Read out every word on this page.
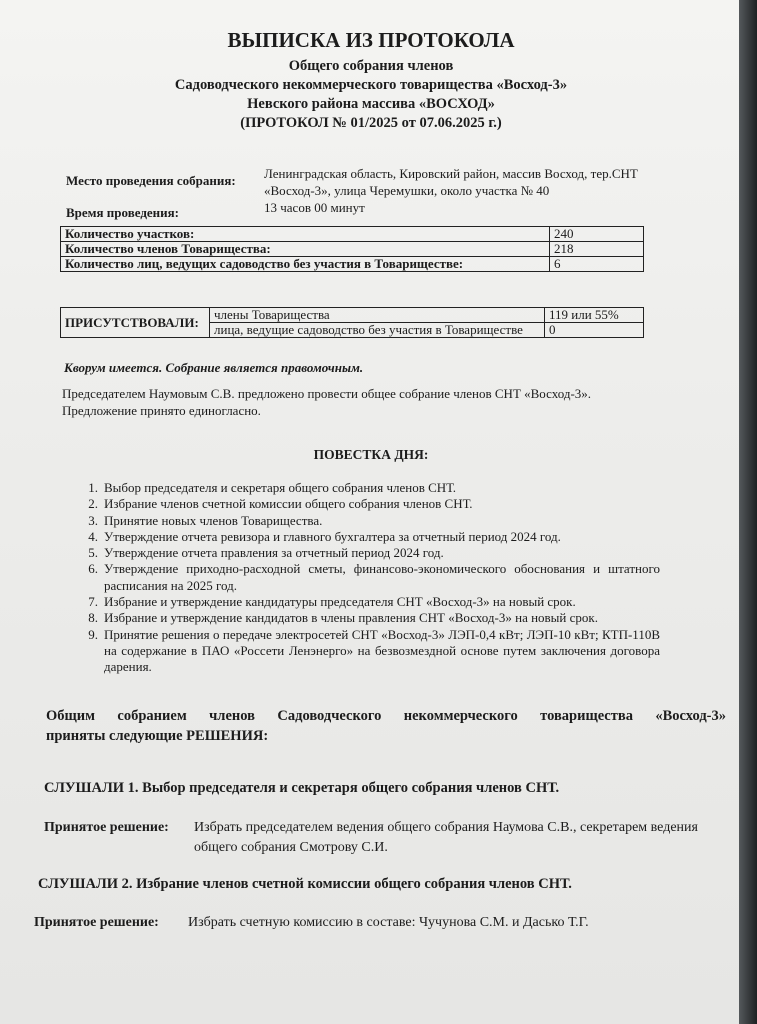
ВЫПИСКА ИЗ ПРОТОКОЛА
Общего собрания членов
Садоводческого некоммерческого товарищества «Восход-3»
Невского района массива «ВОСХОД»
(ПРОТОКОЛ № 01/2025 от 07.06.2025 г.)
Место проведения собрания: Ленинградская область, Кировский район, массив Восход, тер.СНТ
«Восход-3», улица Черемушки, около участка № 40
Время проведения:	13 часов 00 минут
Количество участков:	240
Количество членов Товарищества:	218
Количество лиц, ведущих садоводство без участия в Товариществе:	6
ПРИСУТСТВОВАЛИ:	члены Товарищества	119 или 55%
	лица, ведущие садоводство без участия в Товариществе	0
Кворум имеется. Собрание является правомочным.
Председателем Наумовым С.В. предложено провести общее собрание членов СНТ «Восход-3».
Предложение принято единогласно.
ПОВЕСТКА ДНЯ:
1. Выбор председателя и секретаря общего собрания членов СНТ.
2. Избрание членов счетной комиссии общего собрания членов СНТ.
3. Принятие новых членов Товарищества.
4. Утверждение отчета ревизора и главного бухгалтера за отчетный период 2024 год.
5. Утверждение отчета правления за отчетный период 2024 год.
6. Утверждение приходно-расходной сметы, финансово-экономического обоснования и штатного расписания на 2025 год.
7. Избрание и утверждение кандидатуры председателя СНТ «Восход-3» на новый срок.
8. Избрание и утверждение кандидатов в члены правления СНТ «Восход-3» на новый срок.
9. Принятие решения о передаче электросетей СНТ «Восход-3» ЛЭП-0,4 кВт; ЛЭП-10 кВт; КТП-110В на содержание в ПАО «Россети Ленэнерго» на безвозмездной основе путем заключения договора дарения.
Общим собранием членов Садоводческого некоммерческого товарищества «Восход-3»
приняты следующие РЕШЕНИЯ:
СЛУШАЛИ 1. Выбор председателя и секретаря общего собрания членов СНТ.
Принятое решение: Избрать председателем ведения общего собрания Наумова С.В., секретарем ведения
общего собрания Смотрову С.И.
СЛУШАЛИ 2. Избрание членов счетной комиссии общего собрания членов СНТ.
Принятое решение: Избрать счетную комиссию в составе: Чучунова С.М. и Дасько Т.Г.
